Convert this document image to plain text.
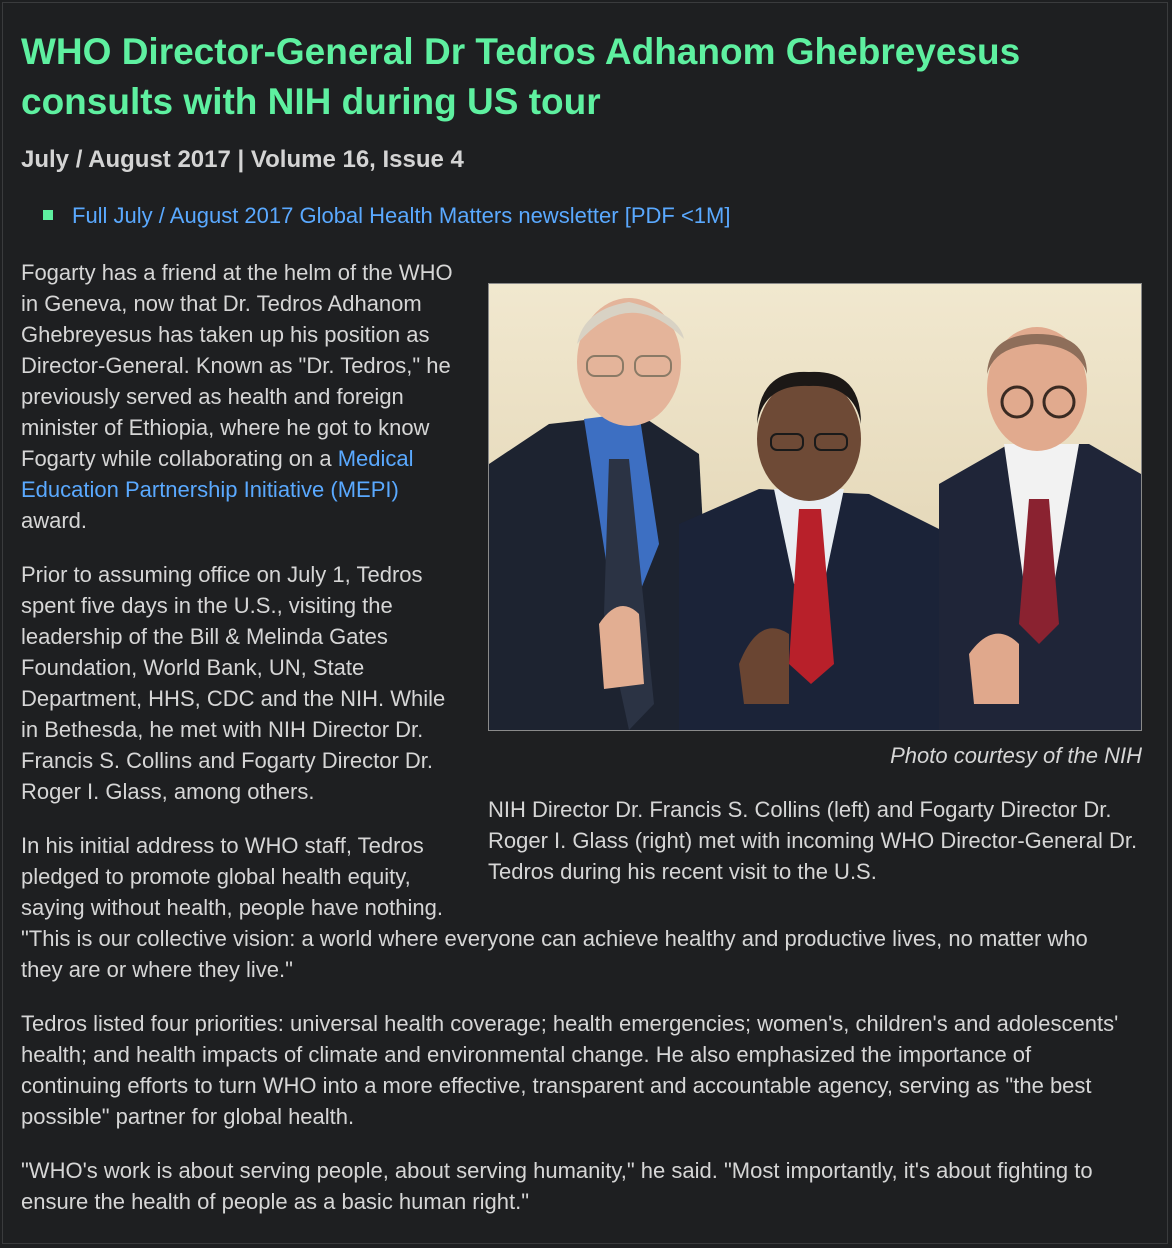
WHO Director-General Dr Tedros Adhanom Ghebreyesus consults with NIH during US tour
July / August 2017 | Volume 16, Issue 4
Full July / August 2017 Global Health Matters newsletter [PDF <1M]
Photo courtesy of the NIH
NIH Director Dr. Francis S. Collins (left) and Fogarty Director Dr. Roger I. Glass (right) met with incoming WHO Director-General Dr. Tedros during his recent visit to the U.S.

Fogarty has a friend at the helm of the WHO in Geneva, now that Dr. Tedros Adhanom Ghebreyesus has taken up his position as Director-General. Known as "Dr. Tedros," he previously served as health and foreign minister of Ethiopia, where he got to know Fogarty while collaborating on a Medical Education Partnership Initiative (MEPI) award.

Prior to assuming office on July 1, Tedros spent five days in the U.S., visiting the leadership of the Bill & Melinda Gates Foundation, World Bank, UN, State Department, HHS, CDC and the NIH. While in Bethesda, he met with NIH Director Dr. Francis S. Collins and Fogarty Director Dr. Roger I. Glass, among others.

In his initial address to WHO staff, Tedros pledged to promote global health equity, saying without health, people have nothing. "This is our collective vision: a world where everyone can achieve healthy and productive lives, no matter who they are or where they live."

Tedros listed four priorities: universal health coverage; health emergencies; women's, children's and adolescents' health; and health impacts of climate and environmental change. He also emphasized the importance of continuing efforts to turn WHO into a more effective, transparent and accountable agency, serving as "the best possible" partner for global health.

"WHO's work is about serving people, about serving humanity," he said. "Most importantly, it's about fighting to ensure the health of people as a basic human right."
